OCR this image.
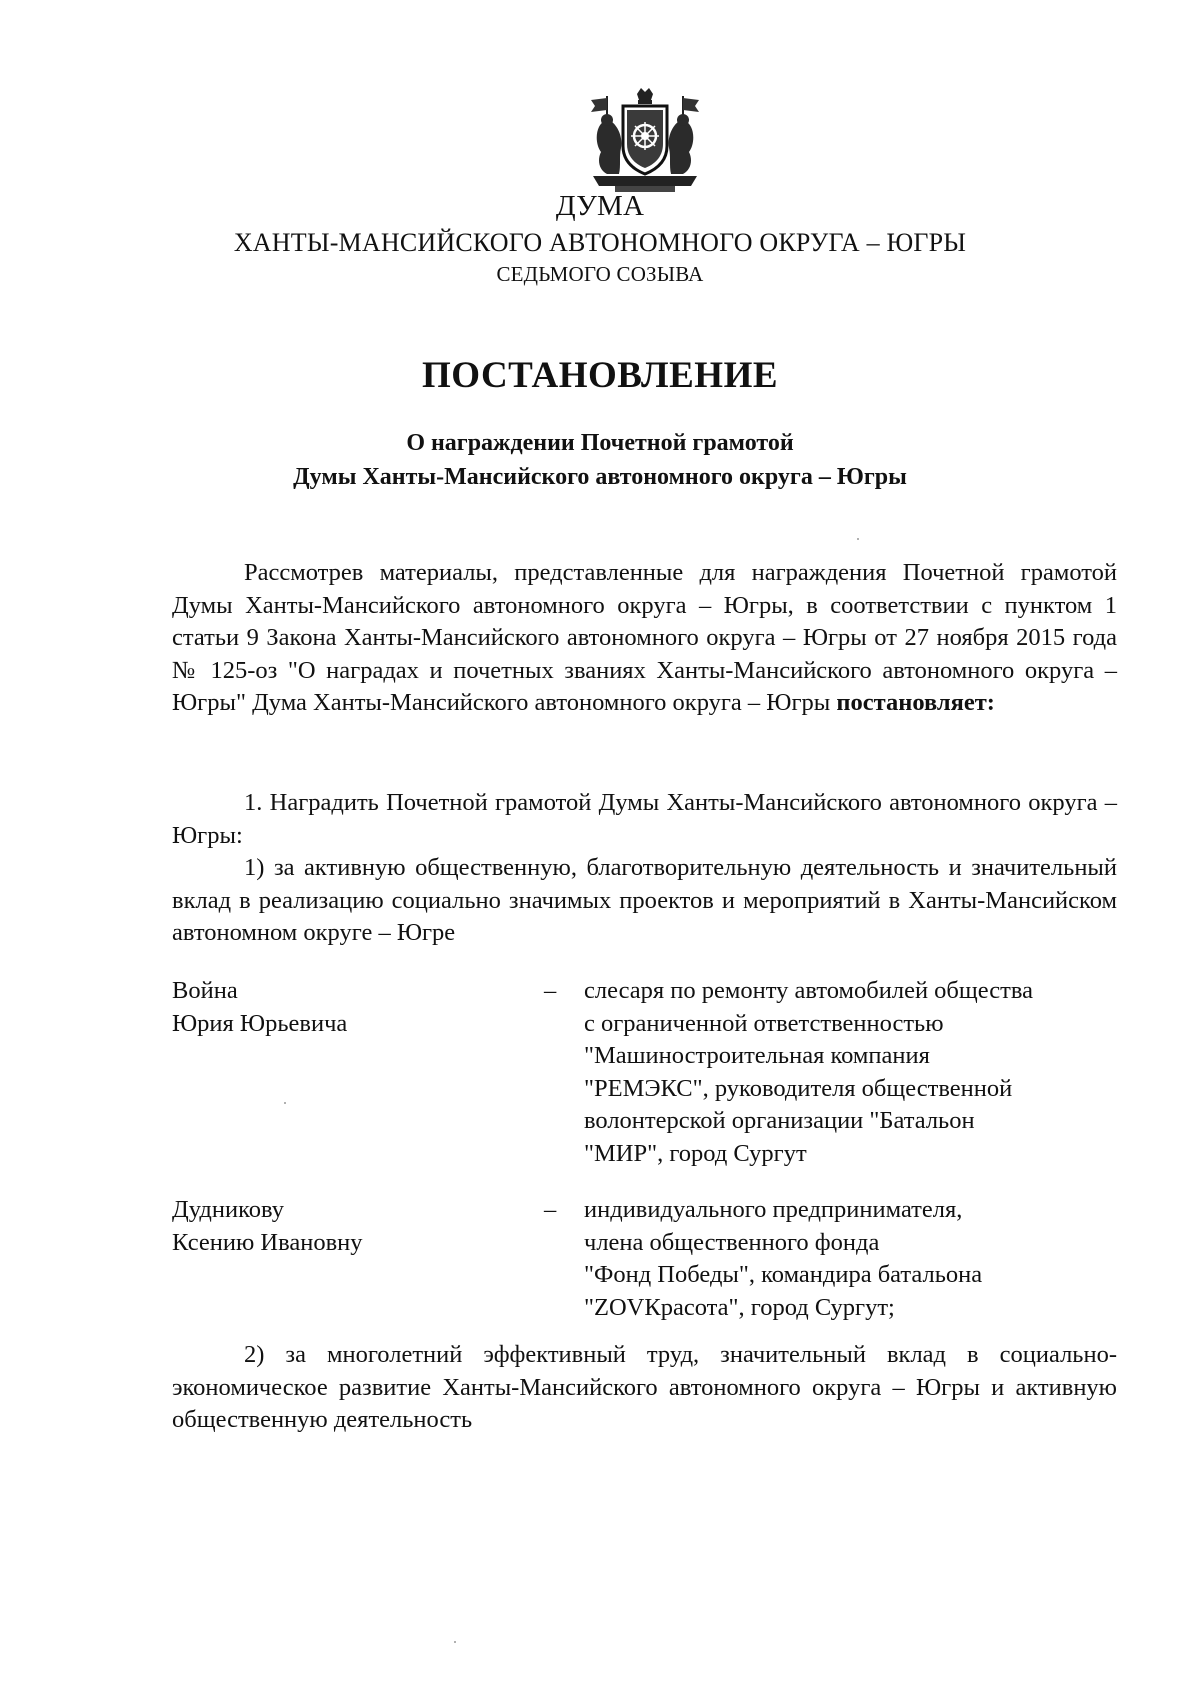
ДУМА
ХАНТЫ-МАНСИЙСКОГО АВТОНОМНОГО ОКРУГА – ЮГРЫ
СЕДЬМОГО СОЗЫВА
ПОСТАНОВЛЕНИЕ
О награждении Почетной грамотой
Думы Ханты-Мансийского автономного округа – Югры

Рассмотрев материалы, представленные для награждения Почетной грамотой Думы Ханты-Мансийского автономного округа – Югры, в соответствии с пунктом 1 статьи 9 Закона Ханты-Мансийского автономного округа – Югры от 27 ноября 2015 года № 125-оз "О наградах и почетных званиях Ханты-Мансийского автономного округа – Югры" Дума Ханты-Мансийского автономного округа – Югры постановляет:

1. Наградить Почетной грамотой Думы Ханты-Мансийского автономного округа – Югры:

1) за активную общественную, благотворительную деятельность и значительный вклад в реализацию социально значимых проектов и мероприятий в Ханты-Мансийском автономном округе – Югре

Война
Юрия Юрьевича
– слесаря по ремонту автомобилей общества
с ограниченной ответственностью
"Машиностроительная компания
"РЕМЭКС", руководителя общественной
волонтерской организации "Батальон
"МИР", город Сургут
Дудникову
Ксению Ивановну
– индивидуального предпринимателя,
члена общественного фонда
"Фонд Победы", командира батальона
"ZOVКрасота", город Сургут;

2) за многолетний эффективный труд, значительный вклад в социально-экономическое развитие Ханты-Мансийского автономного округа – Югры и активную общественную деятельность
